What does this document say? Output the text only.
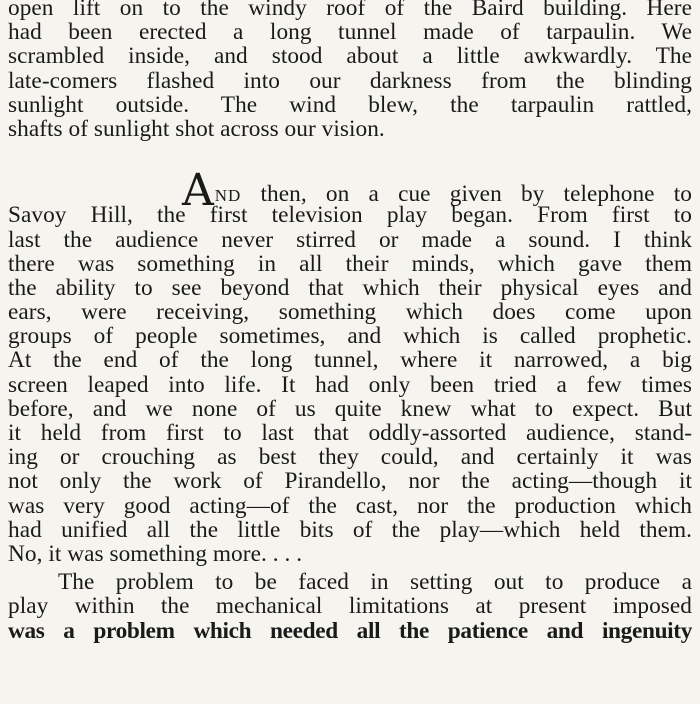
open lift on to the windy roof of the Baird building. Here
had been erected a long tunnel made of tarpaulin. We
scrambled inside, and stood about a little awkwardly. The
late-comers flashed into our darkness from the blinding
sunlight outside. The wind blew, the tarpaulin rattled,
shafts of sunlight shot across our vision.
AND then, on a cue given by telephone to
Savoy Hill, the first television play began. From first to
last the audience never stirred or made a sound. I think
there was something in all their minds, which gave them
the ability to see beyond that which their physical eyes and
ears, were receiving, something which does come upon
groups of people sometimes, and which is called prophetic.
At the end of the long tunnel, where it narrowed, a big
screen leaped into life. It had only been tried a few times
before, and we none of us quite knew what to expect. But
it held from first to last that oddly-assorted audience, stand-
ing or crouching as best they could, and certainly it was
not only the work of Pirandello, nor the acting—though it
was very good acting—of the cast, nor the production which
had unified all the little bits of the play—which held them.
No, it was something more. . . .
The problem to be faced in setting out to produce a
play within the mechanical limitations at present imposed
was a problem which needed all the patience and ingenuity
